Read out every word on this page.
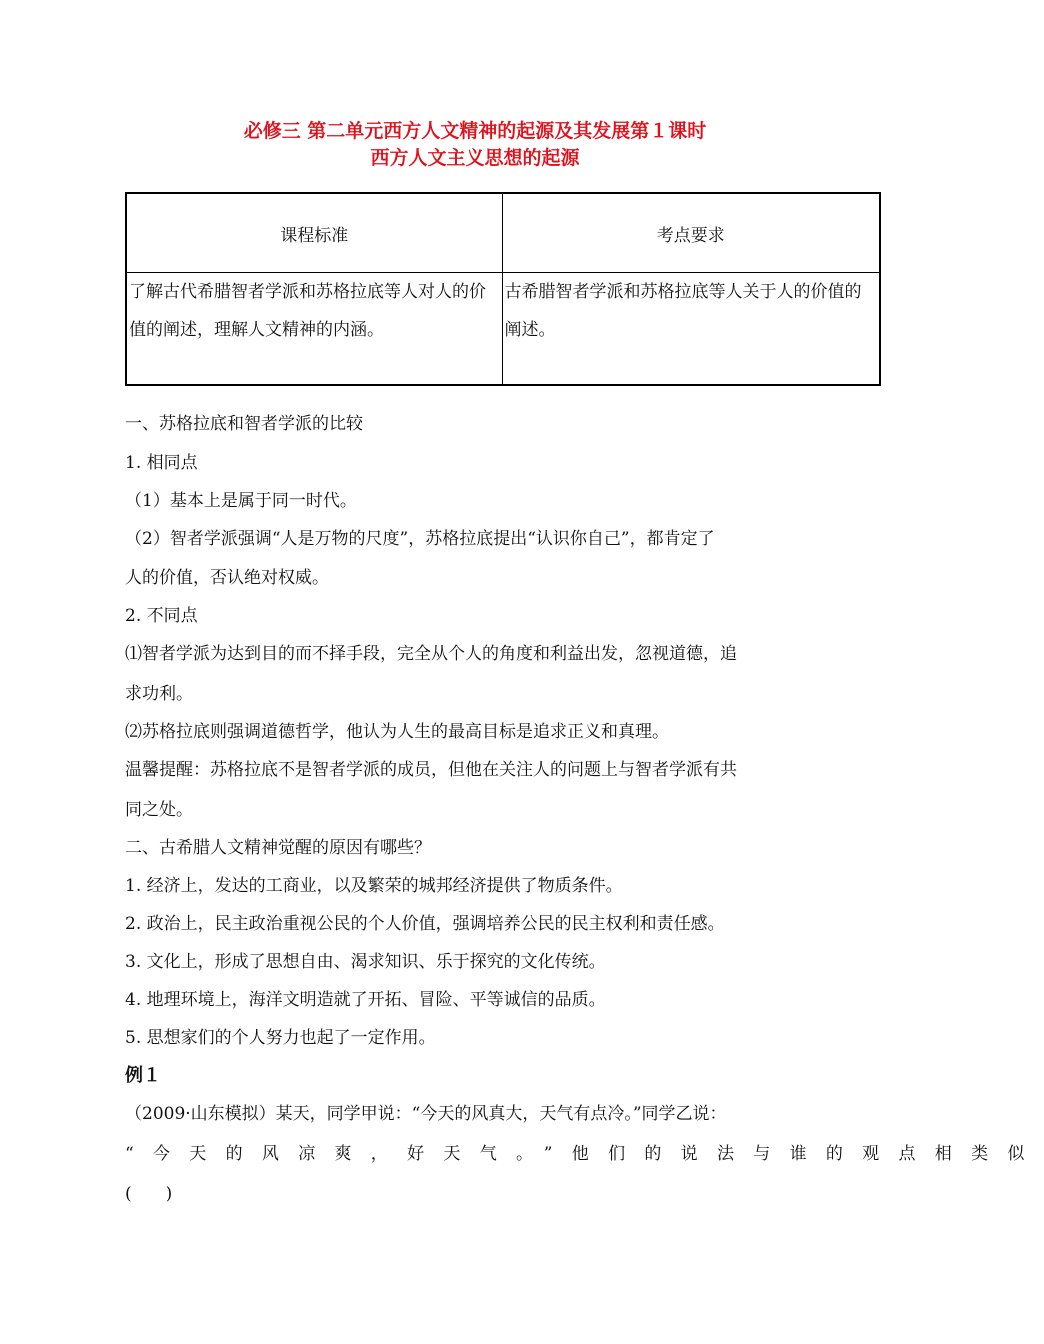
必修三 第二单元西方人文精神的起源及其发展第１课时
西方人文主义思想的起源
课程标准	考点要求
了解古代希腊智者学派和苏格拉底等人对人的价值的阐述，理解人文精神的内涵。	古希腊智者学派和苏格拉底等人关于人的价值的阐述。
一、苏格拉底和智者学派的比较
1. 相同点
（1）基本上是属于同一时代。
（2）智者学派强调“人是万物的尺度”，苏格拉底提出“认识你自己”，都肯定了
人的价值，否认绝对权威。
2. 不同点
⑴智者学派为达到目的而不择手段，完全从个人的角度和利益出发，忽视道德，追
求功利。
⑵苏格拉底则强调道德哲学，他认为人生的最高目标是追求正义和真理。
温馨提醒：苏格拉底不是智者学派的成员，但他在关注人的问题上与智者学派有共
同之处。
二、古希腊人文精神觉醒的原因有哪些？
1. 经济上，发达的工商业，以及繁荣的城邦经济提供了物质条件。
2. 政治上，民主政治重视公民的个人价值，强调培养公民的民主权利和责任感。
3. 文化上，形成了思想自由、渴求知识、乐于探究的文化传统。
4. 地理环境上，海洋文明造就了开拓、冒险、平等诚信的品质。
5. 思想家们的个人努力也起了一定作用。
例１
（2009·山东模拟）某天，同学甲说：“今天的风真大，天气有点冷。”同学乙说：
“今天的风凉爽，好天气。”他们的说法与谁的观点相类似
(　　)
